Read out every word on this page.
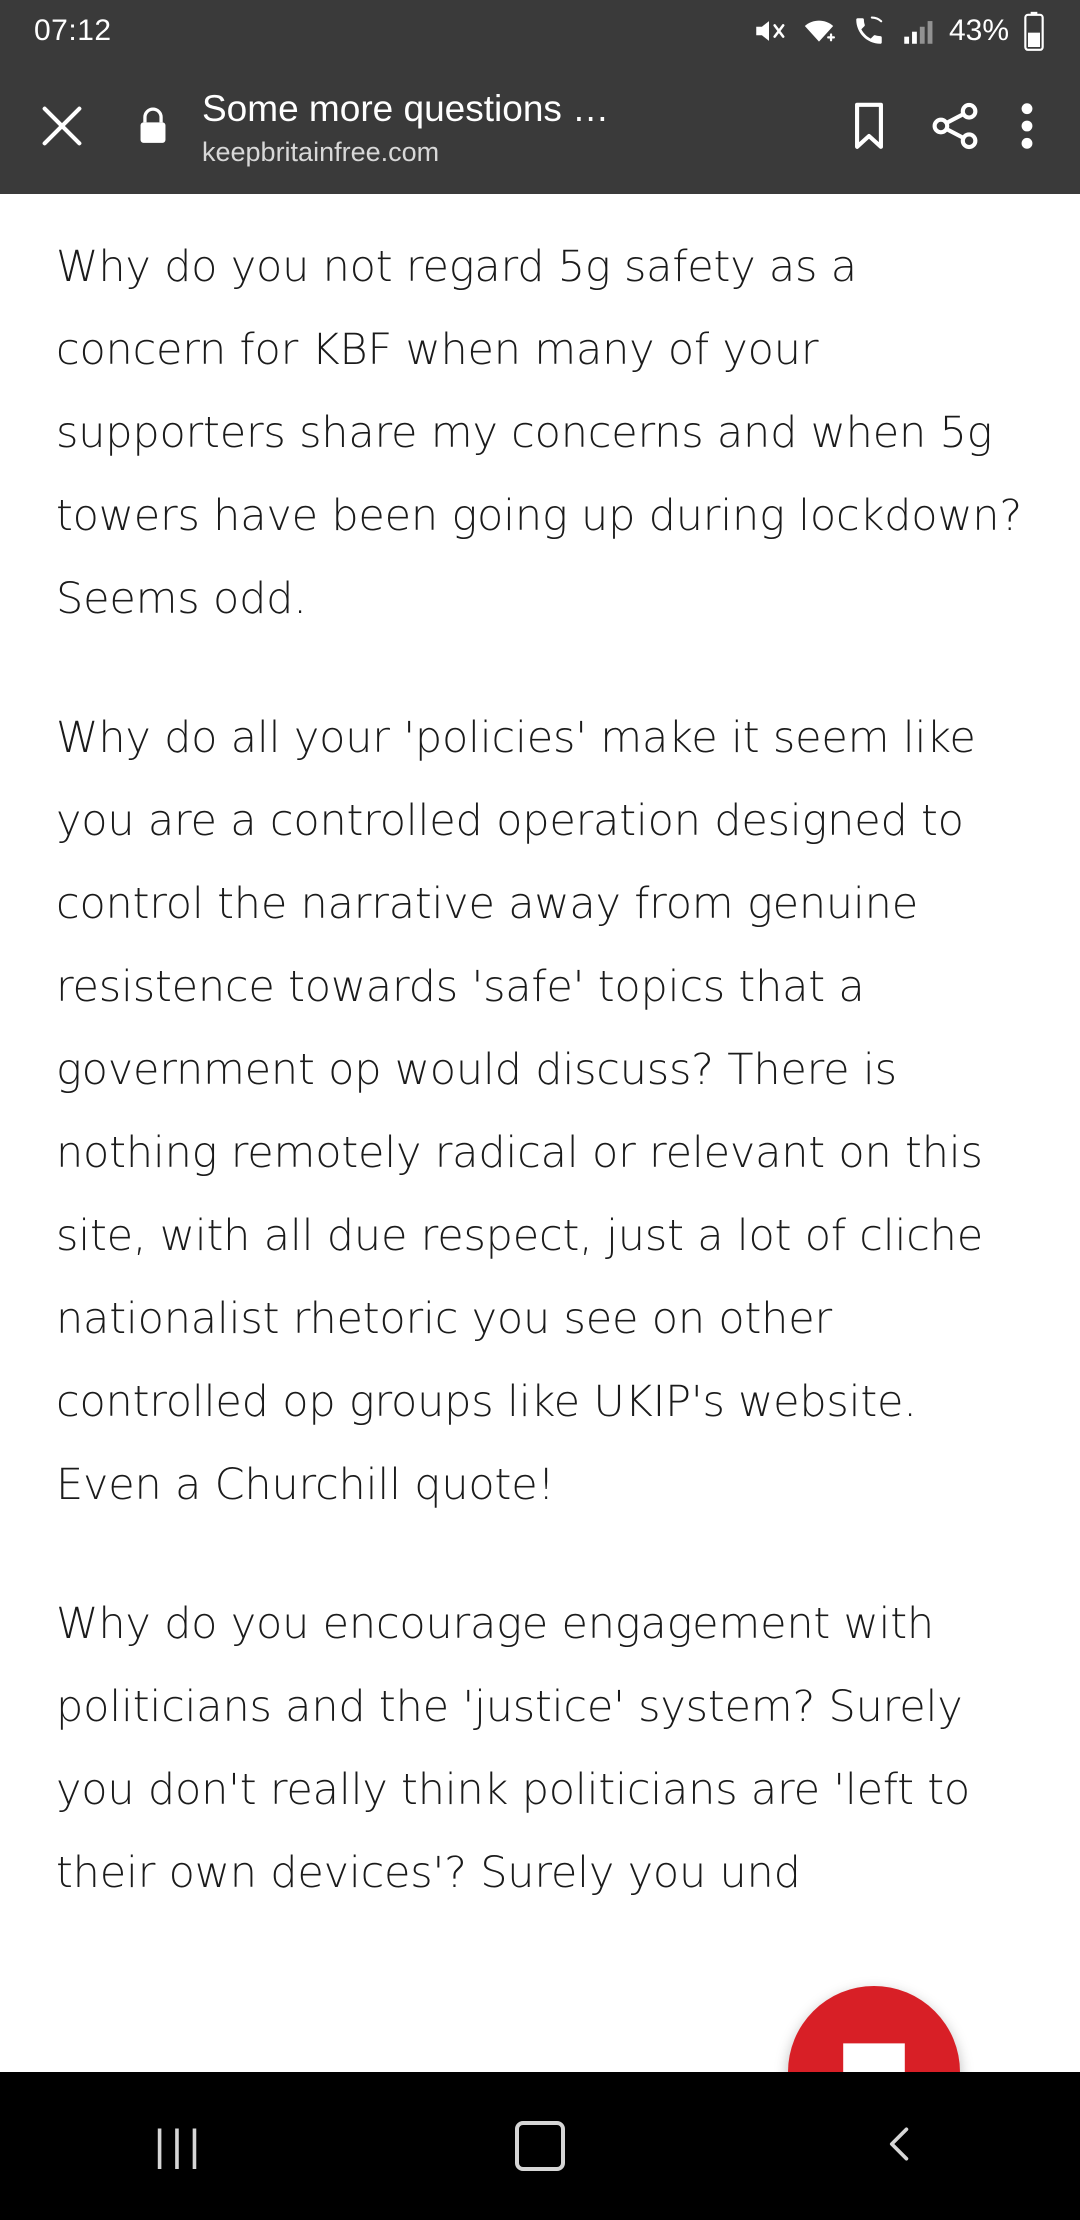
07:12	43%
Some more questions …
keepbritainfree.com

Why do you not regard 5g safety as a concern for KBF when many of your supporters share my concerns and when 5g towers have been going up during lockdown? Seems odd.

Why do all your 'policies' make it seem like you are a controlled operation designed to control the narrative away from genuine resistence towards 'safe' topics that a government op would discuss? There is nothing remotely radical or relevant on this site, with all due respect, just a lot of cliche nationalist rhetoric you see on other controlled op groups like UKIP's website. Even a Churchill quote!

Why do you encourage engagement with politicians and the 'justice' system? Surely you don't really think politicians are 'left to their own devices'? Surely you und

|||
